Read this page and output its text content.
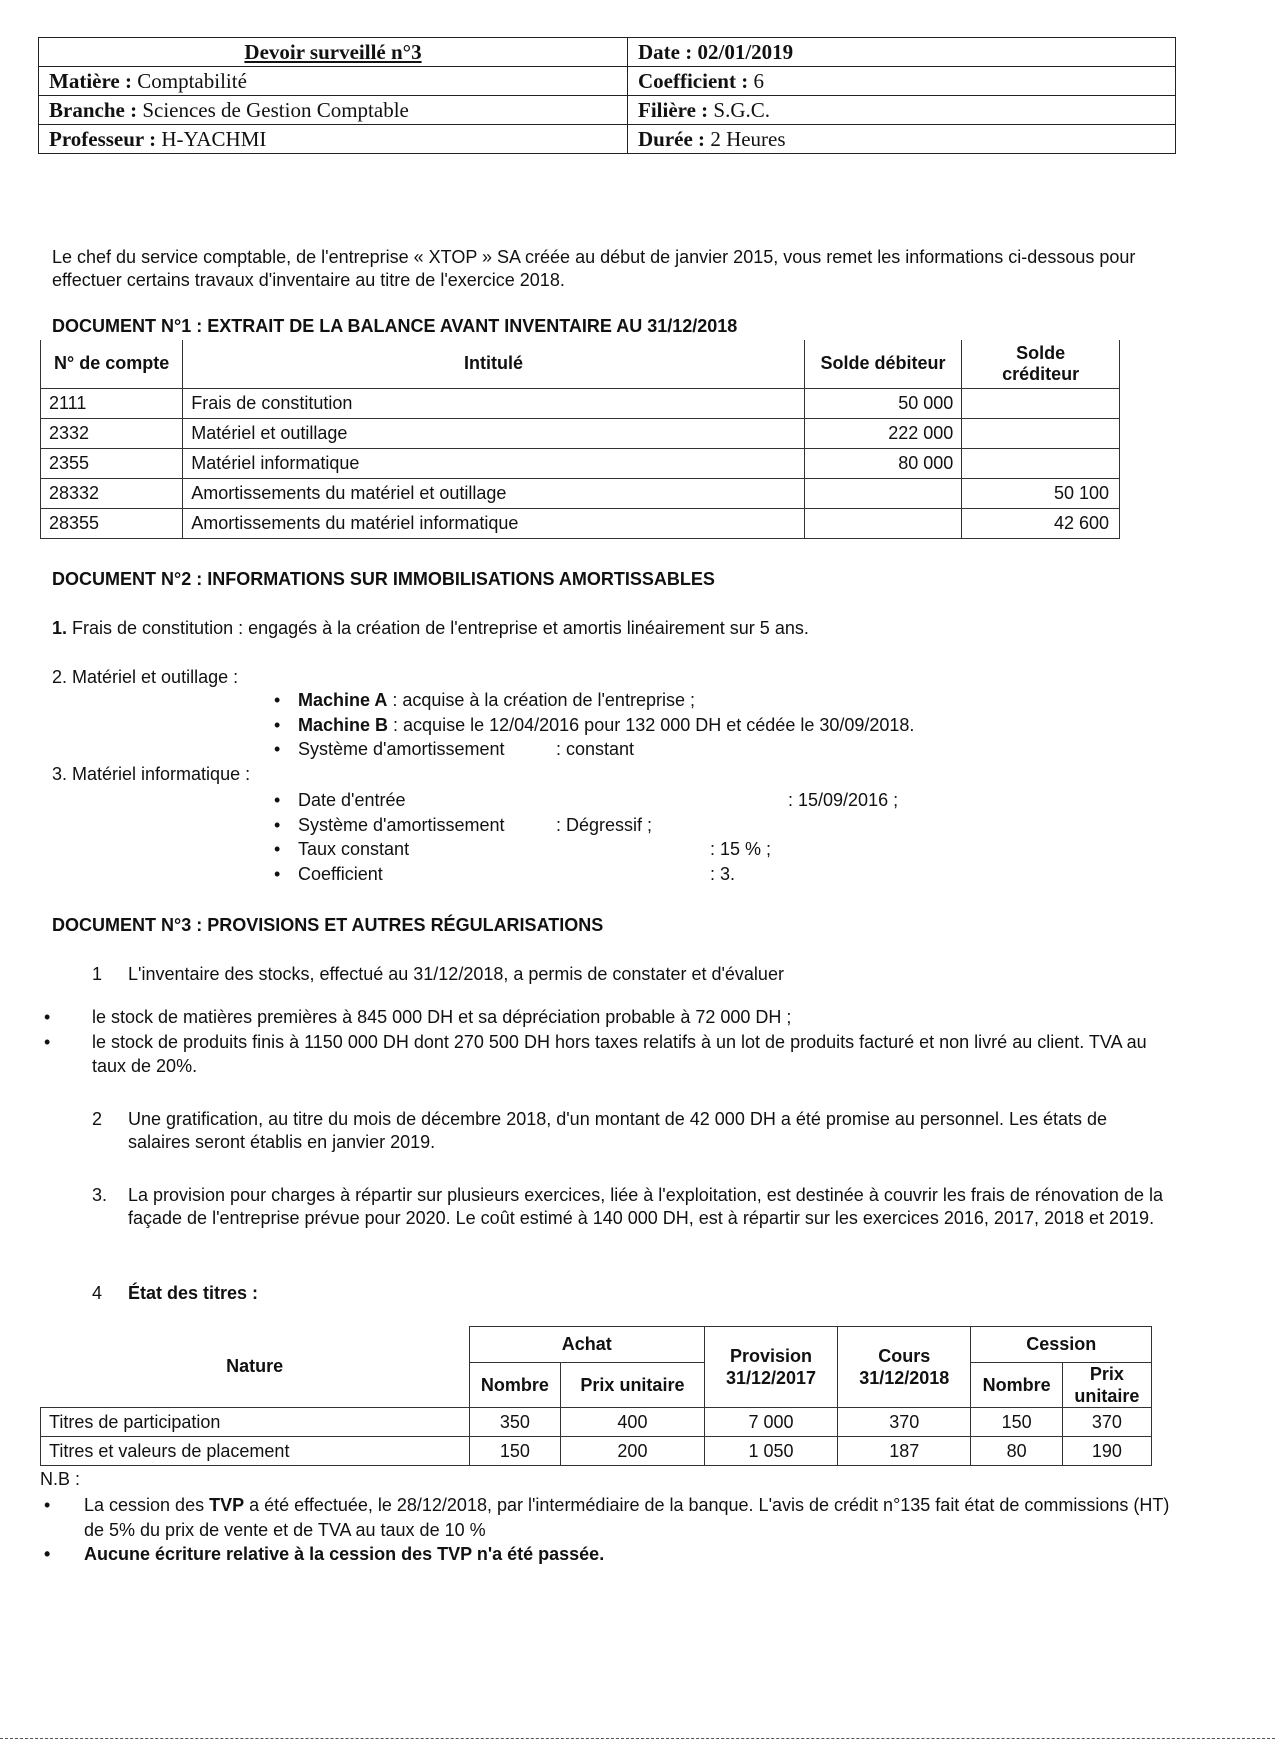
Devoir surveillé n°3	Date : 02/01/2019
Matière : Comptabilité	Coefficient : 6
Branche : Sciences de Gestion Comptable	Filière : S.G.C.
Professeur : H-YACHMI	Durée : 2 Heures
Le chef du service comptable, de l'entreprise « XTOP » SA créée au début de janvier 2015, vous remet les informations ci-dessous pour effectuer certains travaux d'inventaire au titre de l'exercice 2018.
DOCUMENT N°1 : EXTRAIT DE LA BALANCE AVANT INVENTAIRE AU 31/12/2018
N° de compte	Intitulé	Solde débiteur	Solde créditeur
2111	Frais de constitution	50 000	
2332	Matériel et outillage	222 000	
2355	Matériel informatique	80 000	
28332	Amortissements du matériel et outillage		50 100
28355	Amortissements du matériel informatique		42 600
DOCUMENT N°2 : INFORMATIONS SUR IMMOBILISATIONS AMORTISSABLES
1. Frais de constitution : engagés à la création de l'entreprise et amortis linéairement sur 5 ans.
2. Matériel et outillage :
• Machine A : acquise à la création de l'entreprise ;
• Machine B : acquise le 12/04/2016 pour 132 000 DH et cédée le 30/09/2018.
• Système d'amortissement	: constant
3. Matériel informatique :
• Date d'entrée	: 15/09/2016 ;
• Système d'amortissement	: Dégressif ;
• Taux constant	: 15 % ;
• Coefficient	: 3.
DOCUMENT N°3 : PROVISIONS ET AUTRES RÉGULARISATIONS
1	L'inventaire des stocks, effectué au 31/12/2018, a permis de constater et d'évaluer
• le stock de matières premières à 845 000 DH et sa dépréciation probable à 72 000 DH ;
• le stock de produits finis à 1150 000 DH dont 270 500 DH hors taxes relatifs à un lot de produits facturé et non livré au client. TVA au taux de 20%.
2	Une gratification, au titre du mois de décembre 2018, d'un montant de 42 000 DH a été promise au personnel. Les états de salaires seront établis en janvier 2019.
3.	La provision pour charges à répartir sur plusieurs exercices, liée à l'exploitation, est destinée à couvrir les frais de rénovation de la façade de l'entreprise prévue pour 2020. Le coût estimé à 140 000 DH, est à répartir sur les exercices 2016, 2017, 2018 et 2019.
4	État des titres :
Nature	Achat		Provision 31/12/2017	Cours 31/12/2018	Cession	
	Nombre	Prix unitaire			Nombre	Prix unitaire
Titres de participation	350	400	7 000	370	150	370
Titres et valeurs de placement	150	200	1 050	187	80	190
N.B :
• La cession des TVP a été effectuée, le 28/12/2018, par l'intermédiaire de la banque. L'avis de crédit n°135 fait état de commissions (HT) de 5% du prix de vente et de TVA au taux de 10 %
• Aucune écriture relative à la cession des TVP n'a été passée.
